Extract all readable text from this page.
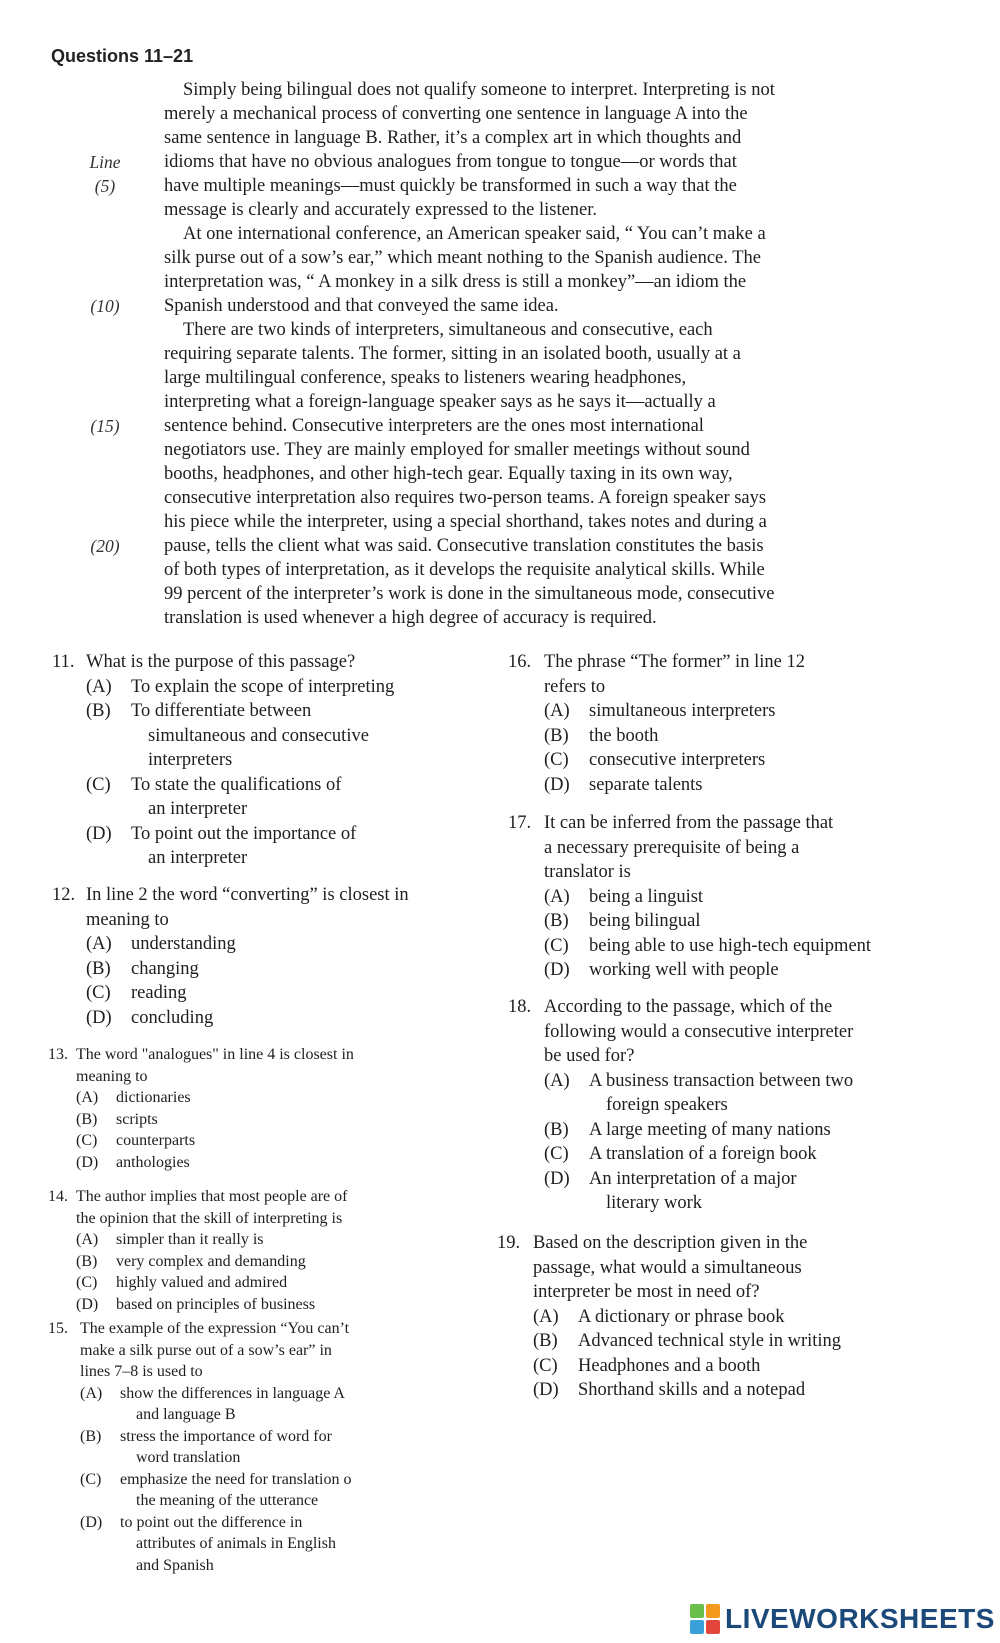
Questions 11–21
Line
(5)
(10)
(15)
(20)
Simply being bilingual does not qualify someone to interpret. Interpreting is not
merely a mechanical process of converting one sentence in language A into the
same sentence in language B. Rather, it’s a complex art in which thoughts and
idioms that have no obvious analogues from tongue to tongue—or words that
have multiple meanings—must quickly be transformed in such a way that the
message is clearly and accurately expressed to the listener.
At one international conference, an American speaker said, “ You can’t make a
silk purse out of a sow’s ear,” which meant nothing to the Spanish audience. The
interpretation was, “ A monkey in a silk dress is still a monkey”—an idiom the
Spanish understood and that conveyed the same idea.
There are two kinds of interpreters, simultaneous and consecutive, each
requiring separate talents. The former, sitting in an isolated booth, usually at a
large multilingual conference, speaks to listeners wearing headphones,
interpreting what a foreign-language speaker says as he says it—actually a
sentence behind. Consecutive interpreters are the ones most international
negotiators use. They are mainly employed for smaller meetings without sound
booths, headphones, and other high-tech gear. Equally taxing in its own way,
consecutive interpretation also requires two-person teams. A foreign speaker says
his piece while the interpreter, using a special shorthand, takes notes and during a
pause, tells the client what was said. Consecutive translation constitutes the basis
of both types of interpretation, as it develops the requisite analytical skills. While
99 percent of the interpreter’s work is done in the simultaneous mode, consecutive
translation is used whenever a high degree of accuracy is required.
11. What is the purpose of this passage?
(A) To explain the scope of interpreting
(B) To differentiate between
simultaneous and consecutive
interpreters
(C) To state the qualifications of
an interpreter
(D) To point out the importance of
an interpreter
12. In line 2 the word “converting” is closest in
meaning to
(A) understanding
(B) changing
(C) reading
(D) concluding
13. The word "analogues" in line 4 is closest in
meaning to
(A) dictionaries
(B) scripts
(C) counterparts
(D) anthologies
14. The author implies that most people are of
the opinion that the skill of interpreting is
(A) simpler than it really is
(B) very complex and demanding
(C) highly valued and admired
(D) based on principles of business
15. The example of the expression “You can’t
make a silk purse out of a sow’s ear” in
lines 7–8 is used to
(A) show the differences in language A
and language B
(B) stress the importance of word for
word translation
(C) emphasize the need for translation o
the meaning of the utterance
(D) to point out the difference in
attributes of animals in English
and Spanish
16. The phrase “The former” in line 12
refers to
(A) simultaneous interpreters
(B) the booth
(C) consecutive interpreters
(D) separate talents
17. It can be inferred from the passage that
a necessary prerequisite of being a
translator is
(A) being a linguist
(B) being bilingual
(C) being able to use high-tech equipment
(D) working well with people
18. According to the passage, which of the
following would a consecutive interpreter
be used for?
(A) A business transaction between two
foreign speakers
(B) A large meeting of many nations
(C) A translation of a foreign book
(D) An interpretation of a major
literary work
19. Based on the description given in the
passage, what would a simultaneous
interpreter be most in need of?
(A) A dictionary or phrase book
(B) Advanced technical style in writing
(C) Headphones and a booth
(D) Shorthand skills and a notepad
LIVEWORKSHEETS
